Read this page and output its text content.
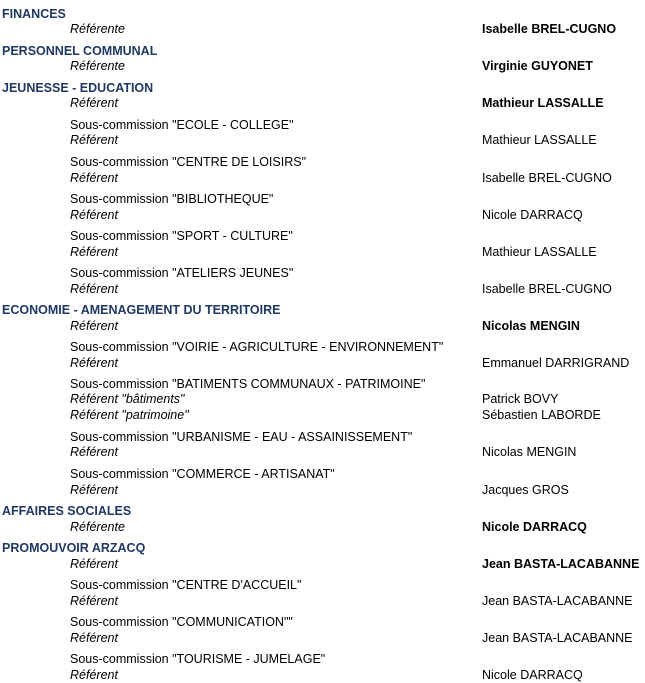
FINANCES
Référente	Isabelle BREL-CUGNO
PERSONNEL COMMUNAL
Référente	Virginie GUYONET
JEUNESSE - EDUCATION
Référent	Mathieur LASSALLE
Sous-commission "ECOLE - COLLEGE"
Référent	Mathieur LASSALLE
Sous-commission "CENTRE DE LOISIRS"
Référent	Isabelle BREL-CUGNO
Sous-commission "BIBLIOTHEQUE"
Référent	Nicole DARRACQ
Sous-commission "SPORT - CULTURE"
Référent	Mathieur LASSALLE
Sous-commission "ATELIERS JEUNES"
Référent	Isabelle BREL-CUGNO
ECONOMIE - AMENAGEMENT DU TERRITOIRE
Référent	Nicolas MENGIN
Sous-commission "VOIRIE - AGRICULTURE - ENVIRONNEMENT"
Référent	Emmanuel DARRIGRAND
Sous-commission "BATIMENTS COMMUNAUX - PATRIMOINE"
Référent "bâtiments"	Patrick BOVY
Référent "patrimoine"	Sébastien LABORDE
Sous-commission "URBANISME - EAU - ASSAINISSEMENT"
Référent	Nicolas MENGIN
Sous-commission "COMMERCE - ARTISANAT"
Référent	Jacques GROS
AFFAIRES SOCIALES
Référente	Nicole DARRACQ
PROMOUVOIR ARZACQ
Référent	Jean BASTA-LACABANNE
Sous-commission "CENTRE D'ACCUEIL"
Référent	Jean BASTA-LACABANNE
Sous-commission "COMMUNICATION""
Référent	Jean BASTA-LACABANNE
Sous-commission "TOURISME - JUMELAGE"
Référent	Nicole DARRACQ
